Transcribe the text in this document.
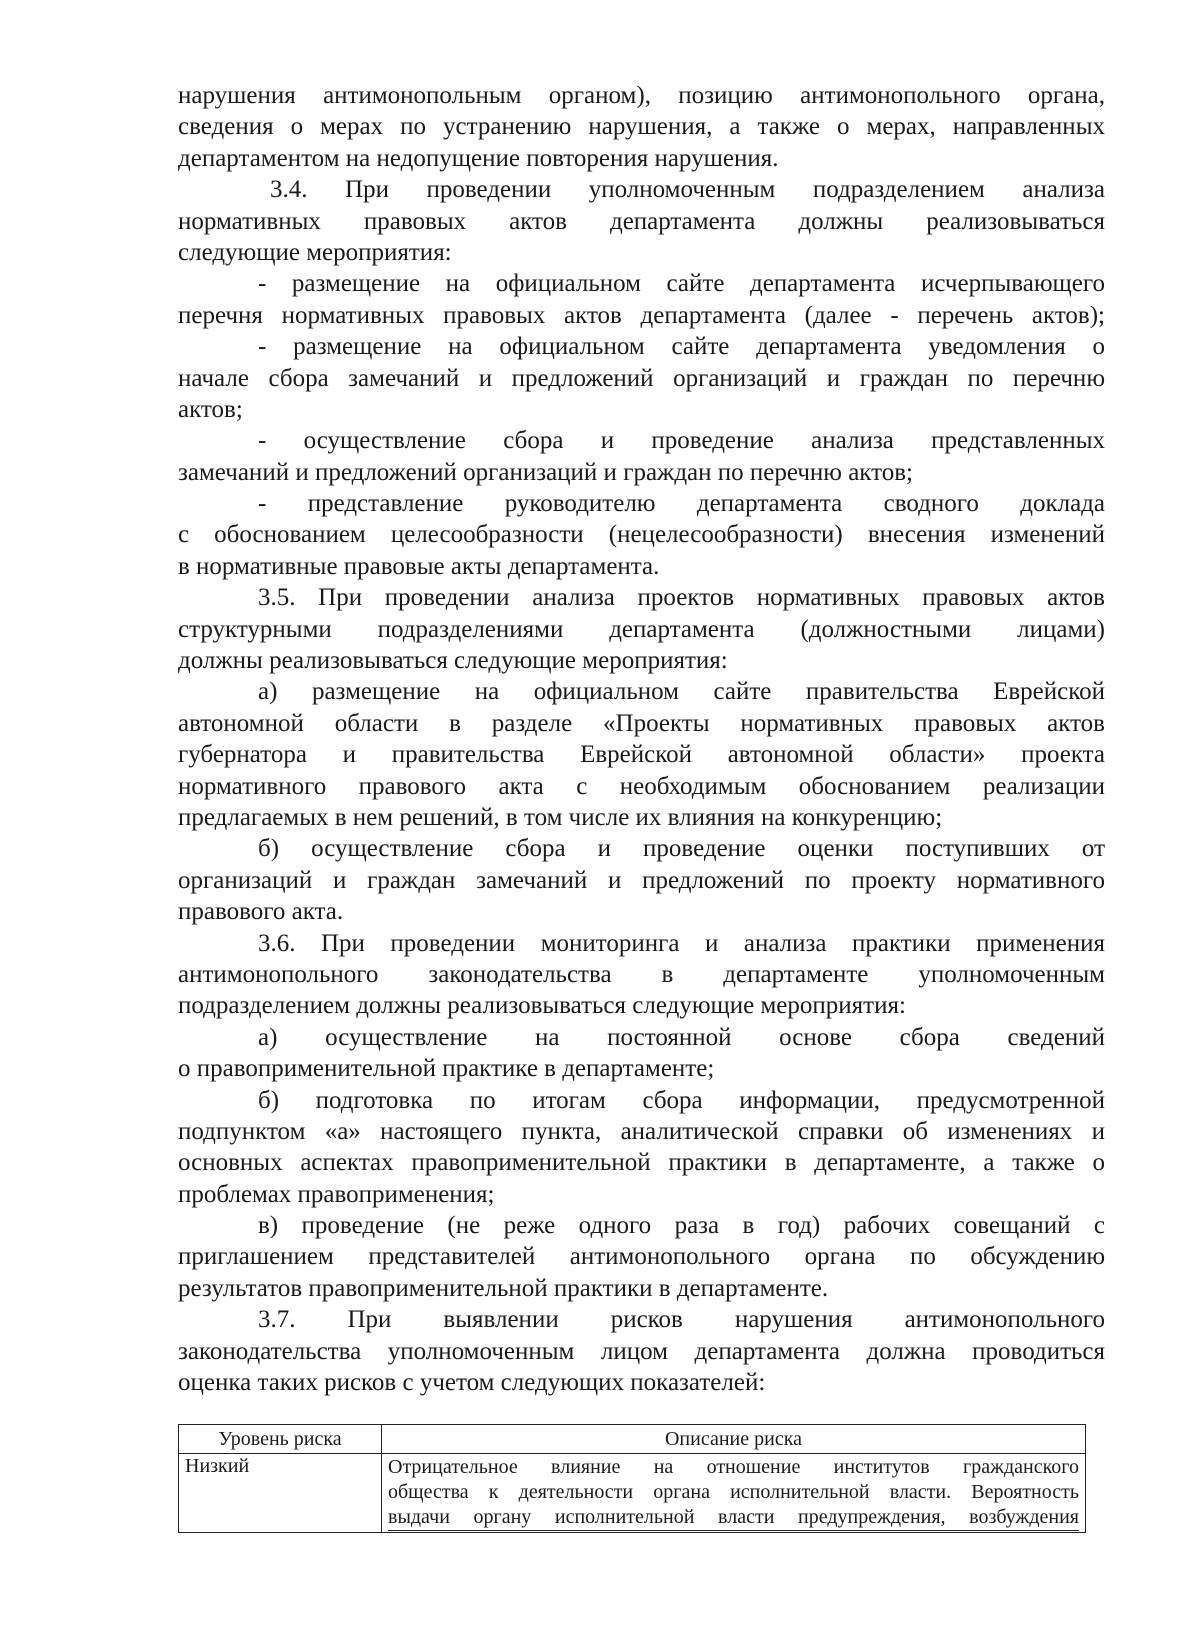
нарушения антимонопольным органом), позицию антимонопольного органа,
сведения о мерах по устранению нарушения, а также о мерах, направленных
департаментом на недопущение повторения нарушения.
3.4. При проведении уполномоченным подразделением анализа
нормативных правовых актов департамента должны реализовываться
следующие мероприятия:
- размещение на официальном сайте департамента исчерпывающего
перечня нормативных правовых актов департамента (далее - перечень актов);
- размещение на официальном сайте департамента уведомления о
начале сбора замечаний и предложений организаций и граждан по перечню
актов;
- осуществление сбора и проведение анализа представленных
замечаний и предложений организаций и граждан по перечню актов;
- представление руководителю департамента сводного доклада
с обоснованием целесообразности (нецелесообразности) внесения изменений
в нормативные правовые акты департамента.
3.5. При проведении анализа проектов нормативных правовых актов
структурными подразделениями департамента (должностными лицами)
должны реализовываться следующие мероприятия:
а) размещение на официальном сайте правительства Еврейской
автономной области в разделе «Проекты нормативных правовых актов
губернатора и правительства Еврейской автономной области» проекта
нормативного правового акта с необходимым обоснованием реализации
предлагаемых в нем решений, в том числе их влияния на конкуренцию;
б) осуществление сбора и проведение оценки поступивших от
организаций и граждан замечаний и предложений по проекту нормативного
правового акта.
3.6. При проведении мониторинга и анализа практики применения
антимонопольного законодательства в департаменте уполномоченным
подразделением должны реализовываться следующие мероприятия:
а) осуществление на постоянной основе сбора сведений
о правоприменительной практике в департаменте;
б) подготовка по итогам сбора информации, предусмотренной
подпунктом «а» настоящего пункта, аналитической справки об изменениях и
основных аспектах правоприменительной практики в департаменте, а также о
проблемах правоприменения;
в) проведение (не реже одного раза в год) рабочих совещаний с
приглашением представителей антимонопольного органа по обсуждению
результатов правоприменительной практики в департаменте.
3.7. При выявлении рисков нарушения антимонопольного
законодательства уполномоченным лицом департамента должна проводиться
оценка таких рисков с учетом следующих показателей:
Уровень риска	Описание риска
Низкий	Отрицательное влияние на отношение институтов гражданского
общества к деятельности органа исполнительной власти. Вероятность
выдачи органу исполнительной власти предупреждения, возбуждения
